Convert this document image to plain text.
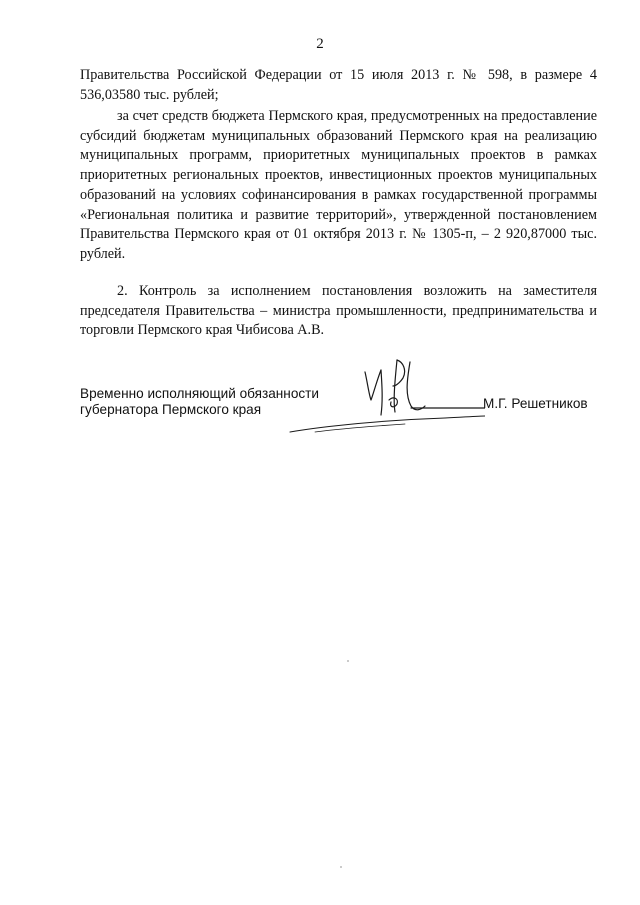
2

Правительства Российской Федерации от 15 июля 2013 г. № 598, в размере 4 536,03580 тыс. рублей;

за счет средств бюджета Пермского края, предусмотренных на предоставление субсидий бюджетам муниципальных образований Пермского края на реализацию муниципальных программ, приоритетных муниципальных проектов в рамках приоритетных региональных проектов, инвестиционных проектов муниципальных образований на условиях софинансирования в рамках государственной программы «Региональная политика и развитие территорий», утвержденной постановлением Правительства Пермского края от 01 октября 2013 г. № 1305-п, – 2 920,87000 тыс. рублей.

2. Контроль за исполнением постановления возложить на заместителя председателя Правительства – министра промышленности, предпринимательства и торговли Пермского края Чибисова А.В.

Временно исполняющий обязанности
губернатора Пермского края	М.Г. Решетников
